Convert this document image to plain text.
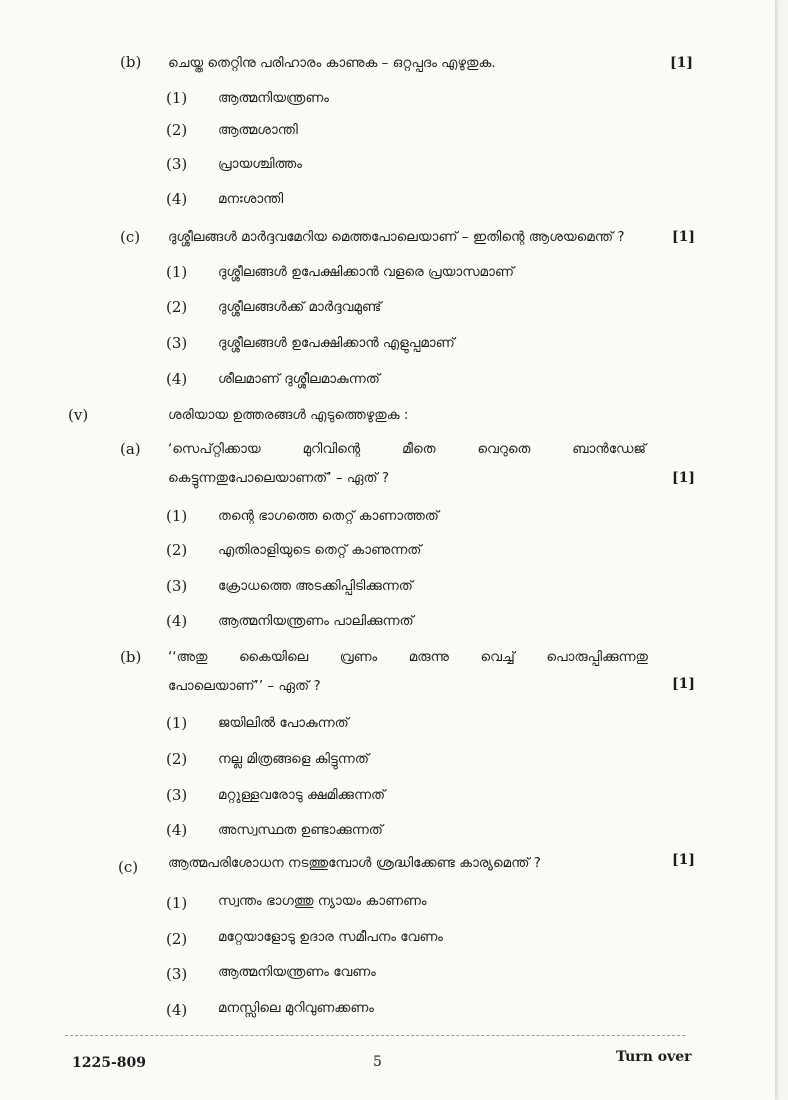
(b) ചെയ്ത തെറ്റിനു പരിഹാരം കാണുക – ഒറ്റപ്പദം എഴുതുക.	[1]
(1) ആത്മനിയന്ത്രണം
(2) ആത്മശാന്തി
(3) പ്രായശ്ചിത്തം
(4) മനഃശാന്തി
(c) ദുശ്ശീലങ്ങൾ മാർദ്ദവമേറിയ മെത്തപോലെയാണ് – ഇതിന്റെ ആശയമെന്ത് ?	[1]
(1) ദുശ്ശീലങ്ങൾ ഉപേക്ഷിക്കാൻ വളരെ പ്രയാസമാണ്
(2) ദുശ്ശീലങ്ങൾക്ക് മാർദ്ദവമുണ്ട്
(3) ദുശ്ശീലങ്ങൾ ഉപേക്ഷിക്കാൻ എളുപ്പമാണ്
(4) ശീലമാണ് ദുശ്ശീലമാകുന്നത്
(v)	ശരിയായ ഉത്തരങ്ങൾ എടുത്തെഴുതുക :
(a) ‘സെപ്റ്റിക്കായ	മുറിവിന്റെ	മീതെ	വെറുതെ	ബാൻഡേജ്
കെട്ടുന്നതുപോലെയാണത്’ – ഏത് ?	[1]
(1) തന്റെ ഭാഗത്തെ തെറ്റ് കാണാത്തത്
(2) എതിരാളിയുടെ തെറ്റ് കാണുന്നത്
(3) ക്രോധത്തെ അടക്കിപ്പിടിക്കുന്നത്
(4) ആത്മനിയന്ത്രണം പാലിക്കുന്നത്
(b) ‘‘അതു കൈയിലെ വ്രണം മരുന്നു വെച്ച് പൊരുപ്പിക്കുന്നതു
പോലെയാണ്’’ – ഏത് ?	[1]
(1) ജയിലിൽ പോകുന്നത്
(2) നല്ല മിത്രങ്ങളെ കിട്ടുന്നത്
(3) മറ്റുള്ളവരോടു ക്ഷമിക്കുന്നത്
(4) അസ്വസ്ഥത ഉണ്ടാക്കുന്നത്
(c) ആത്മപരിശോധന നടത്തുമ്പോൾ ശ്രദ്ധിക്കേണ്ട കാര്യമെന്ത് ?	[1]
(1) സ്വന്തം ഭാഗത്തു ന്യായം കാണണം
(2) മറ്റേയാളോടു ഉദാര സമീപനം വേണം
(3) ആത്മനിയന്ത്രണം വേണം
(4) മനസ്സിലെ മുറിവുണക്കണം
1225-809	5	Turn over
